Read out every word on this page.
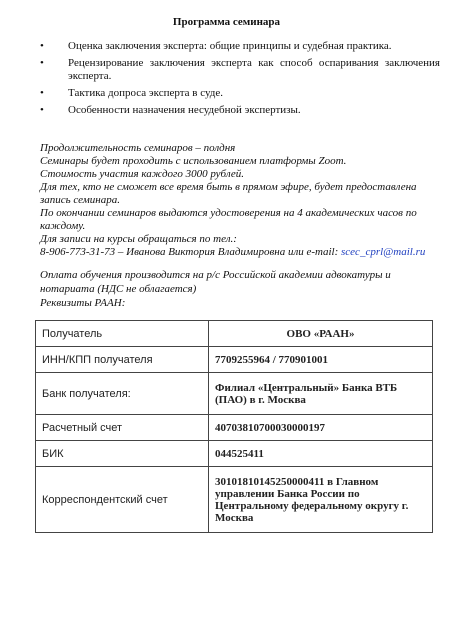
Программа семинара
• Оценка заключения эксперта: общие принципы и судебная практика.
• Рецензирование заключения эксперта как способ оспаривания заключения эксперта.
• Тактика допроса эксперта в суде.
• Особенности назначения несудебной экспертизы.
Продолжительность семинаров – полдня
Семинары будет проходить с использованием платформы Zoom.
Стоимость участия каждого 3000 рублей.
Для тех, кто не сможет все время быть в прямом эфире, будет предоставлена запись семинара.
По окончании семинаров выдаются удостоверения на 4 академических часов по каждому.
Для записи на курсы обращаться по тел.:
8-906-773-31-73 – Иванова Виктория Владимировна или e-mail: scec_cprl@mail.ru
Оплата обучения производится на р/с Российской академии адвокатуры и нотариата (НДС не облагается)
Реквизиты РААН:
Получатель	ОВО «РААН»
ИНН/КПП получателя	7709255964 / 770901001
Банк получателя:	Филиал «Центральный» Банка ВТБ (ПАО) в г. Москва
Расчетный счет	40703810700030000197
БИК	044525411
Корреспондентский счет	30101810145250000411 в Главном управлении Банка России по Центральному федеральному округу г. Москва
